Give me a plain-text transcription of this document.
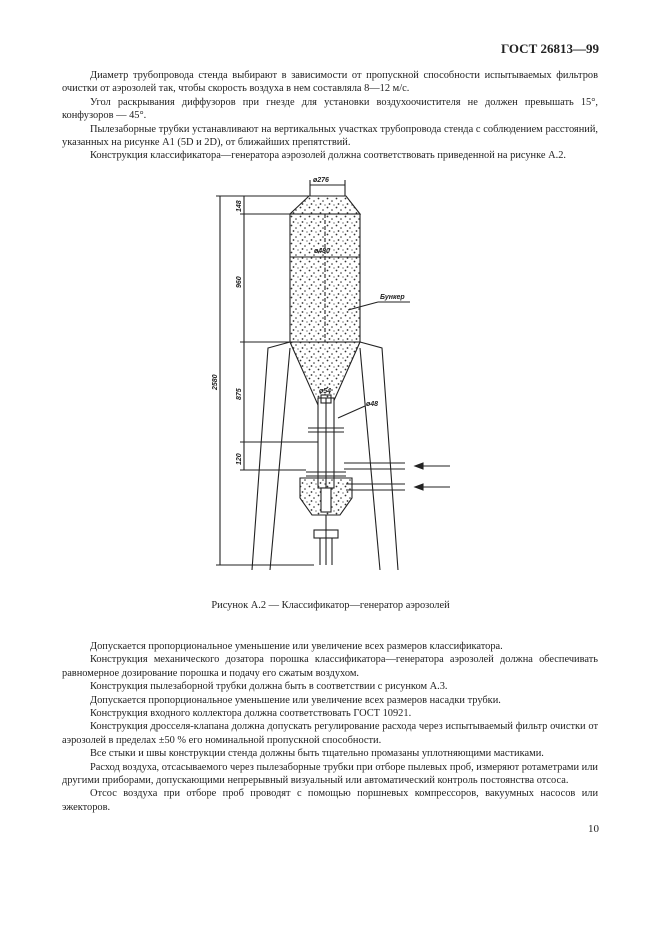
ГОСТ 26813—99

Диаметр трубопровода стенда выбирают в зависимости от пропускной способности испытываемых фильтров очистки от аэрозолей так, чтобы скорость воздуха в нем составляла 8—12 м/с.

Угол раскрывания диффузоров при гнезде для установки воздухоочистителя не должен превышать 15°, конфузоров — 45°.

Пылезаборные трубки устанавливают на вертикальных участках трубопровода стенда с соблюдением расстояний, указанных на рисунке А1 (5D и 2D), от ближайших препятствий.

Конструкция классификатора—генератора аэрозолей должна соответствовать приведенной на рисунке А.2.

ø276
ø480
ø54
ø48
Бункер
2580
148
960
875
120
Рисунок А.2 — Классификатор—генератор аэрозолей

Допускается пропорциональное уменьшение или увеличение всех размеров классификатора.

Конструкция механического дозатора порошка классификатора—генератора аэрозолей должна обеспечивать равномерное дозирование порошка и подачу его сжатым воздухом.

Конструкция пылезаборной трубки должна быть в соответствии с рисунком А.3.

Допускается пропорциональное уменьшение или увеличение всех размеров насадки трубки.

Конструкция входного коллектора должна соответствовать ГОСТ 10921.

Конструкция дросселя-клапана должна допускать регулирование расхода через испытываемый фильтр очистки от аэрозолей в пределах ±50 % его номинальной пропускной способности.

Все стыки и швы конструкции стенда должны быть тщательно промазаны уплотняющими мастиками.

Расход воздуха, отсасываемого через пылезаборные трубки при отборе пылевых проб, измеряют ротаметрами или другими приборами, допускающими непрерывный визуальный или автоматический контроль постоянства отсоса.

Отсос воздуха при отборе проб проводят с помощью поршневых компрессоров, вакуумных насосов или эжекторов.

10
